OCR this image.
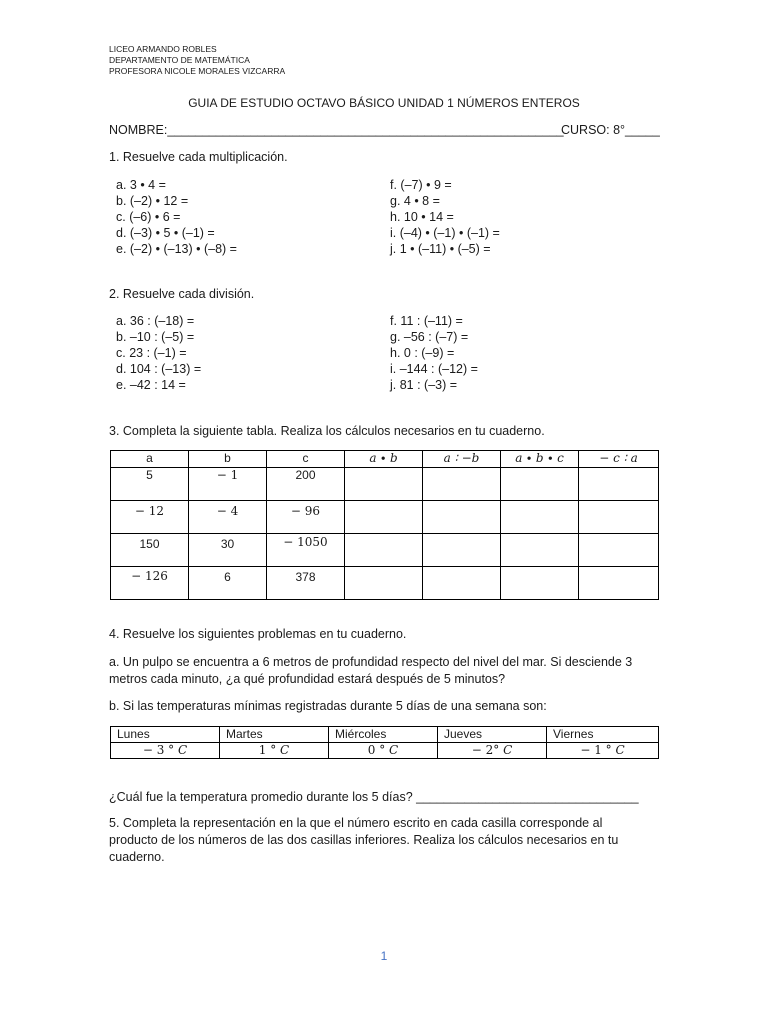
LICEO ARMANDO ROBLES
DEPARTAMENTO DE MATEMÁTICA
PROFESORA NICOLE MORALES VIZCARRA
GUIA DE ESTUDIO OCTAVO BÁSICO UNIDAD 1 NÚMEROS ENTEROS
NOMBRE:_________________________________________________________
CURSO: 8°_____
1. Resuelve cada multiplicación.
a. 3 • 4 =
b. (–2) • 12 =
c. (–6) • 6 =
d. (–3) • 5 • (–1) =
e. (–2) • (–13) • (–8) =
f. (–7) • 9 =
g. 4 • 8 =
h. 10 • 14 =
i. (–4) • (–1) • (–1) =
j. 1 • (–11) • (–5) =
2. Resuelve cada división.
a. 36 : (–18) =
b. –10 : (–5) =
c. 23 : (–1) =
d. 104 : (–13) =
e. –42 : 14 =
f. 11 : (–11) =
g. –56 : (–7) =
h. 0 : (–9) =
i. –144 : (–12) =
j. 81 : (–3) =
3. Completa la siguiente tabla. Realiza los cálculos necesarios en tu cuaderno.
a	b	c	𝑎 ∙ 𝑏	𝑎 ∶ −𝑏	𝑎 ∙ 𝑏 ∙ 𝑐	− 𝑐 ∶ 𝑎
5	− 1	200				
− 12	− 4	− 96				
150	30	− 1050				
− 126	6	378				
4. Resuelve los siguientes problemas en tu cuaderno.
a. Un pulpo se encuentra a 6 metros de profundidad respecto del nivel del mar. Si desciende 3
metros cada minuto, ¿a qué profundidad estará después de 5 minutos?
b. Si las temperaturas mínimas registradas durante 5 días de una semana son:
Lunes	Martes	Miércoles	Jueves	Viernes
− 3 ° 𝐶	1 ° 𝐶	0 ° 𝐶	− 2° 𝐶	− 1 ° 𝐶
¿Cuál fue la temperatura promedio durante los 5 días? ________________________________
5. Completa la representación en la que el número escrito en cada casilla corresponde al
producto de los números de las dos casillas inferiores. Realiza los cálculos necesarios en tu
cuaderno.
1
